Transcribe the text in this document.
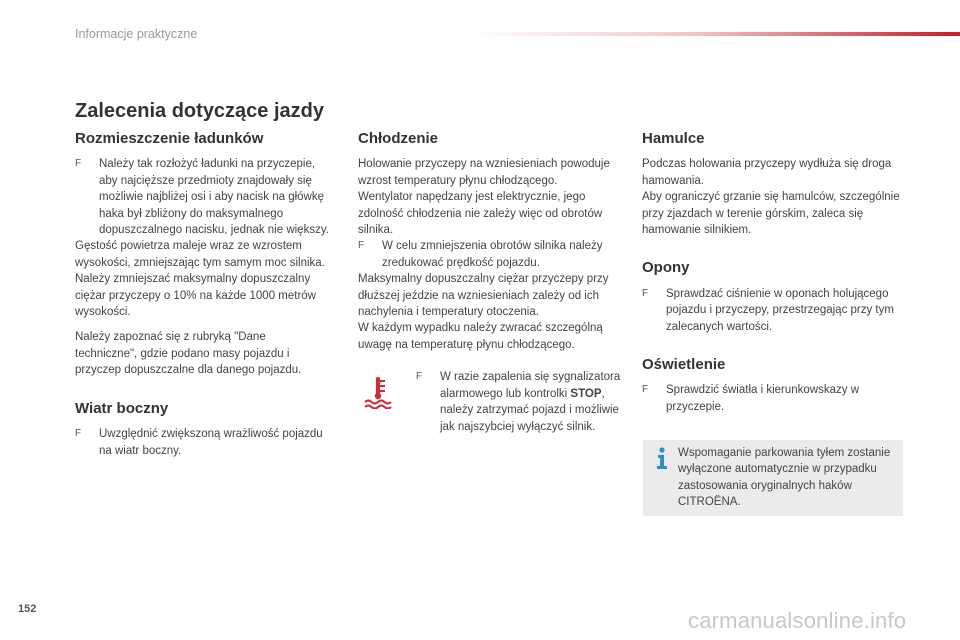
Informacje praktyczne
Zalecenia dotyczące jazdy
Rozmieszczenie ładunków
F	Należy tak rozłożyć ładunki na przyczepie, aby najcięższe przedmioty znajdowały się możliwie najbliżej osi i aby nacisk na główkę haka był zbliżony do maksymalnego dopuszczalnego nacisku, jednak nie większy.

Gęstość powietrza maleje wraz ze wzrostem wysokości, zmniejszając tym samym moc silnika. Należy zmniejszać maksymalny dopuszczalny ciężar przyczepy o 10% na każde 1000 metrów wysokości.

Należy zapoznać się z rubryką "Dane techniczne", gdzie podano masy pojazdu i przyczep dopuszczalne dla danego pojazdu.

Wiatr boczny
F	Uwzględnić zwiększoną wrażliwość pojazdu na wiatr boczny.
Chłodzenie

Holowanie przyczepy na wzniesieniach powoduje wzrost temperatury płynu chłodzącego.

Wentylator napędzany jest elektrycznie, jego zdolność chłodzenia nie zależy więc od obrotów silnika.

F	W celu zmniejszenia obrotów silnika należy zredukować prędkość pojazdu.

Maksymalny dopuszczalny ciężar przyczepy przy dłuższej jeździe na wzniesieniach zależy od ich nachylenia i temperatury otoczenia.

W każdym wypadku należy zwracać szczególną uwagę na temperaturę płynu chłodzącego.

F	W razie zapalenia się sygnalizatora alarmowego lub kontrolki STOP, należy zatrzymać pojazd i możliwie jak najszybciej wyłączyć silnik.
Hamulce

Podczas holowania przyczepy wydłuża się droga hamowania.

Aby ograniczyć grzanie się hamulców, szczególnie przy zjazdach w terenie górskim, zaleca się hamowanie silnikiem.

Opony
F	Sprawdzać ciśnienie w oponach holującego pojazdu i przyczepy, przestrzegając przy tym zalecanych wartości.
Oświetlenie
F	Sprawdzić światła i kierunkowskazy w przyczepie.
Wspomaganie parkowania tyłem zostanie wyłączone automatycznie w przypadku zastosowania oryginalnych haków CITROËNA.
152	carmanualsonline.info
